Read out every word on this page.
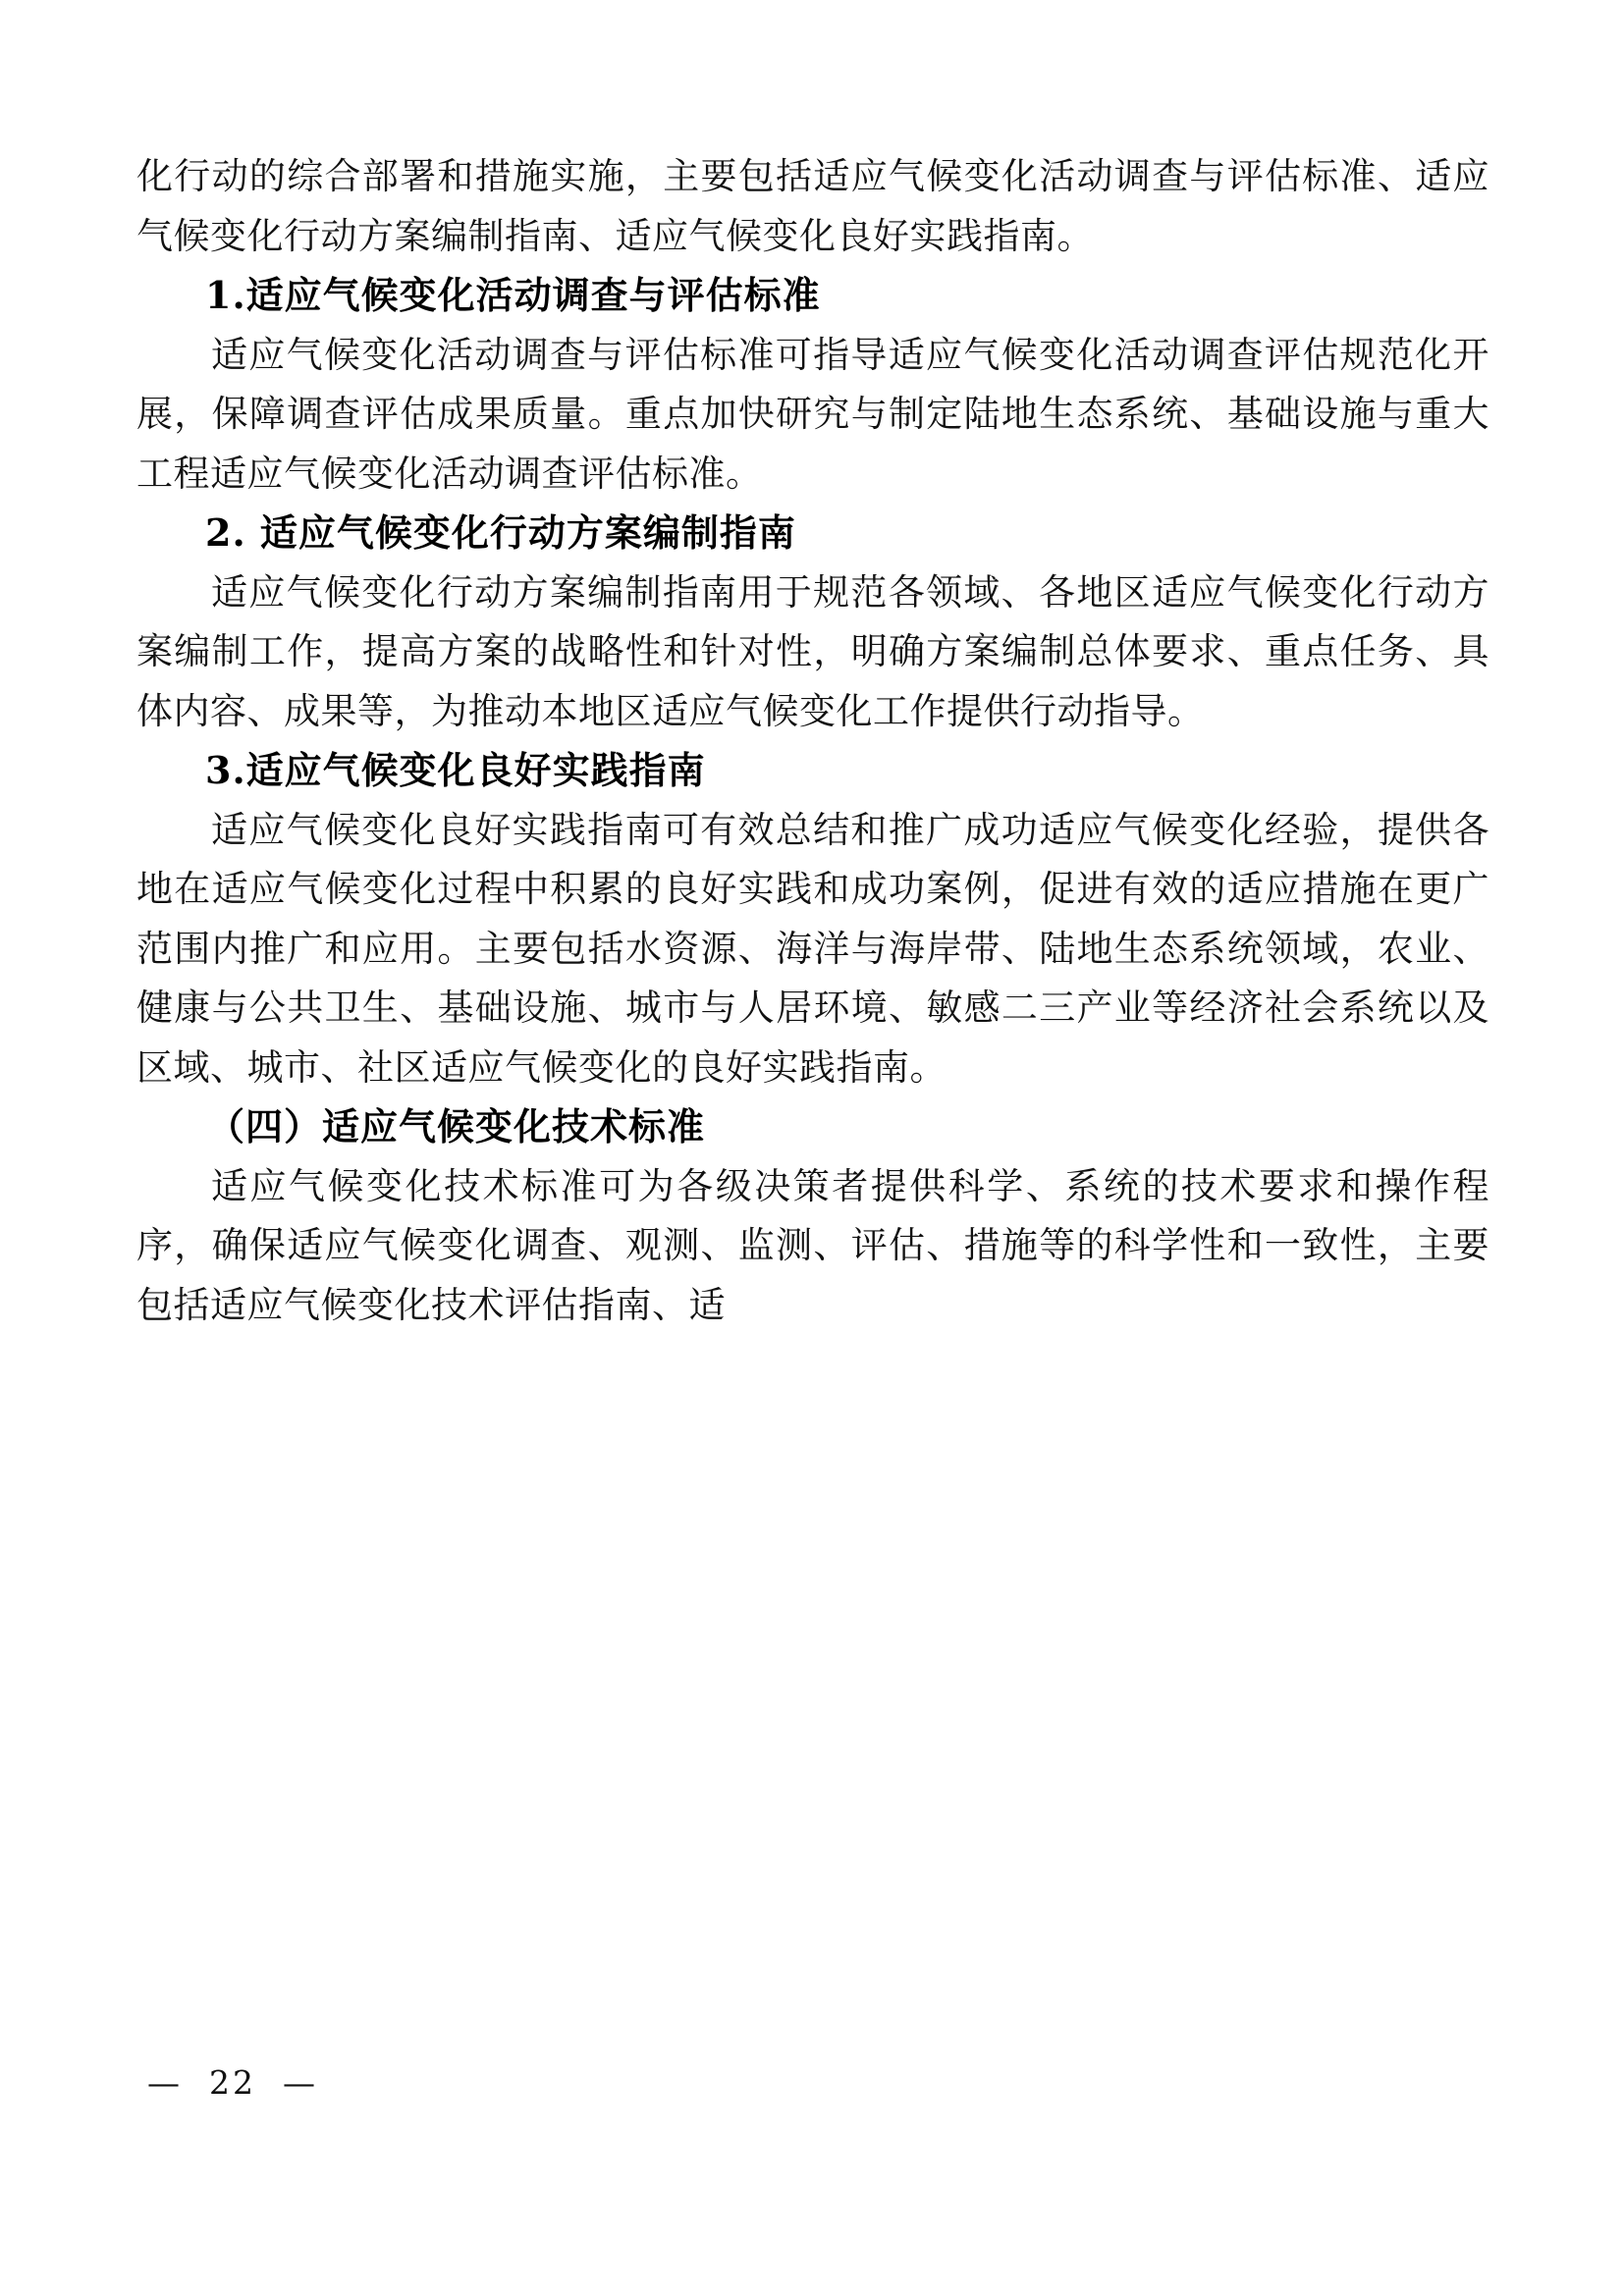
化行动的综合部署和措施实施，主要包括适应气候变化活动调查与评估标准、适应气候变化行动方案编制指南、适应气候变化良好实践指南。

1.适应气候变化活动调查与评估标准

适应气候变化活动调查与评估标准可指导适应气候变化活动调查评估规范化开展，保障调查评估成果质量。重点加快研究与制定陆地生态系统、基础设施与重大工程适应气候变化活动调查评估标准。

2. 适应气候变化行动方案编制指南

适应气候变化行动方案编制指南用于规范各领域、各地区适应气候变化行动方案编制工作，提高方案的战略性和针对性，明确方案编制总体要求、重点任务、具体内容、成果等，为推动本地区适应气候变化工作提供行动指导。

3.适应气候变化良好实践指南

适应气候变化良好实践指南可有效总结和推广成功适应气候变化经验，提供各地在适应气候变化过程中积累的良好实践和成功案例，促进有效的适应措施在更广范围内推广和应用。主要包括水资源、海洋与海岸带、陆地生态系统领域，农业、健康与公共卫生、基础设施、城市与人居环境、敏感二三产业等经济社会系统以及区域、城市、社区适应气候变化的良好实践指南。

（四）适应气候变化技术标准

适应气候变化技术标准可为各级决策者提供科学、系统的技术要求和操作程序，确保适应气候变化调查、观测、监测、评估、措施等的科学性和一致性，主要包括适应气候变化技术评估指南、适

—  22  —
